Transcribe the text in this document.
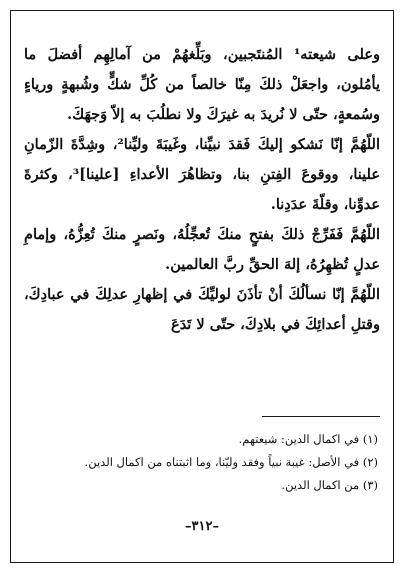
وعلى شيعته¹ المُنتَجبين، وبَلِّغهُمْ من آمالِهِم أفضلَ ما يأمُلون، واجعَلْ ذلكَ مِنّا خالصاً من كُلِّ شكٍّ وشُبهةٍ ورياءٍ وسُمعةٍ، حتّى لا نُريدَ به غيرَكَ ولا نطلُبَ به إلاّ وَجهَكَ.

اللّهُمَّ إنّا نَشكو إليكَ فَقدَ نبيِّنا، وغَيبَةَ وليِّنا²، وشِدَّةَ الزّمانِ علينا، ووقوعَ الفِتنِ بنا، وتظاهُرَ الأعداءِ [علينا]³، وكثرةَ عدوِّنا، وقلّةَ عدَدِنا.

اللّهُمَّ فَفَرِّجْ ذلكَ بفتحٍ منكَ تُعجِّلُهُ، ونَصرٍ منكَ تُعِزُّهُ، وإمامِ عدلٍ تُظهِرُهُ، إلهَ الحقِّ ربَّ العالمين.

اللّهُمَّ إنّا نسألُكَ أنْ تأذَنَ لوليِّكَ في إظهارِ عدلِكَ في عبادِكَ، وقتلِ أعدائِكَ في بلادِكَ، حتّى لا تَدَعَ

(١) في اكمال الدين: شيعتهم.

(٢) في الأصل: غيبة نبياً وفقد وليّنا، وما اثبتناه من اكمال الدين.

(٣) من اكمال الدين.

–٣١٢–
